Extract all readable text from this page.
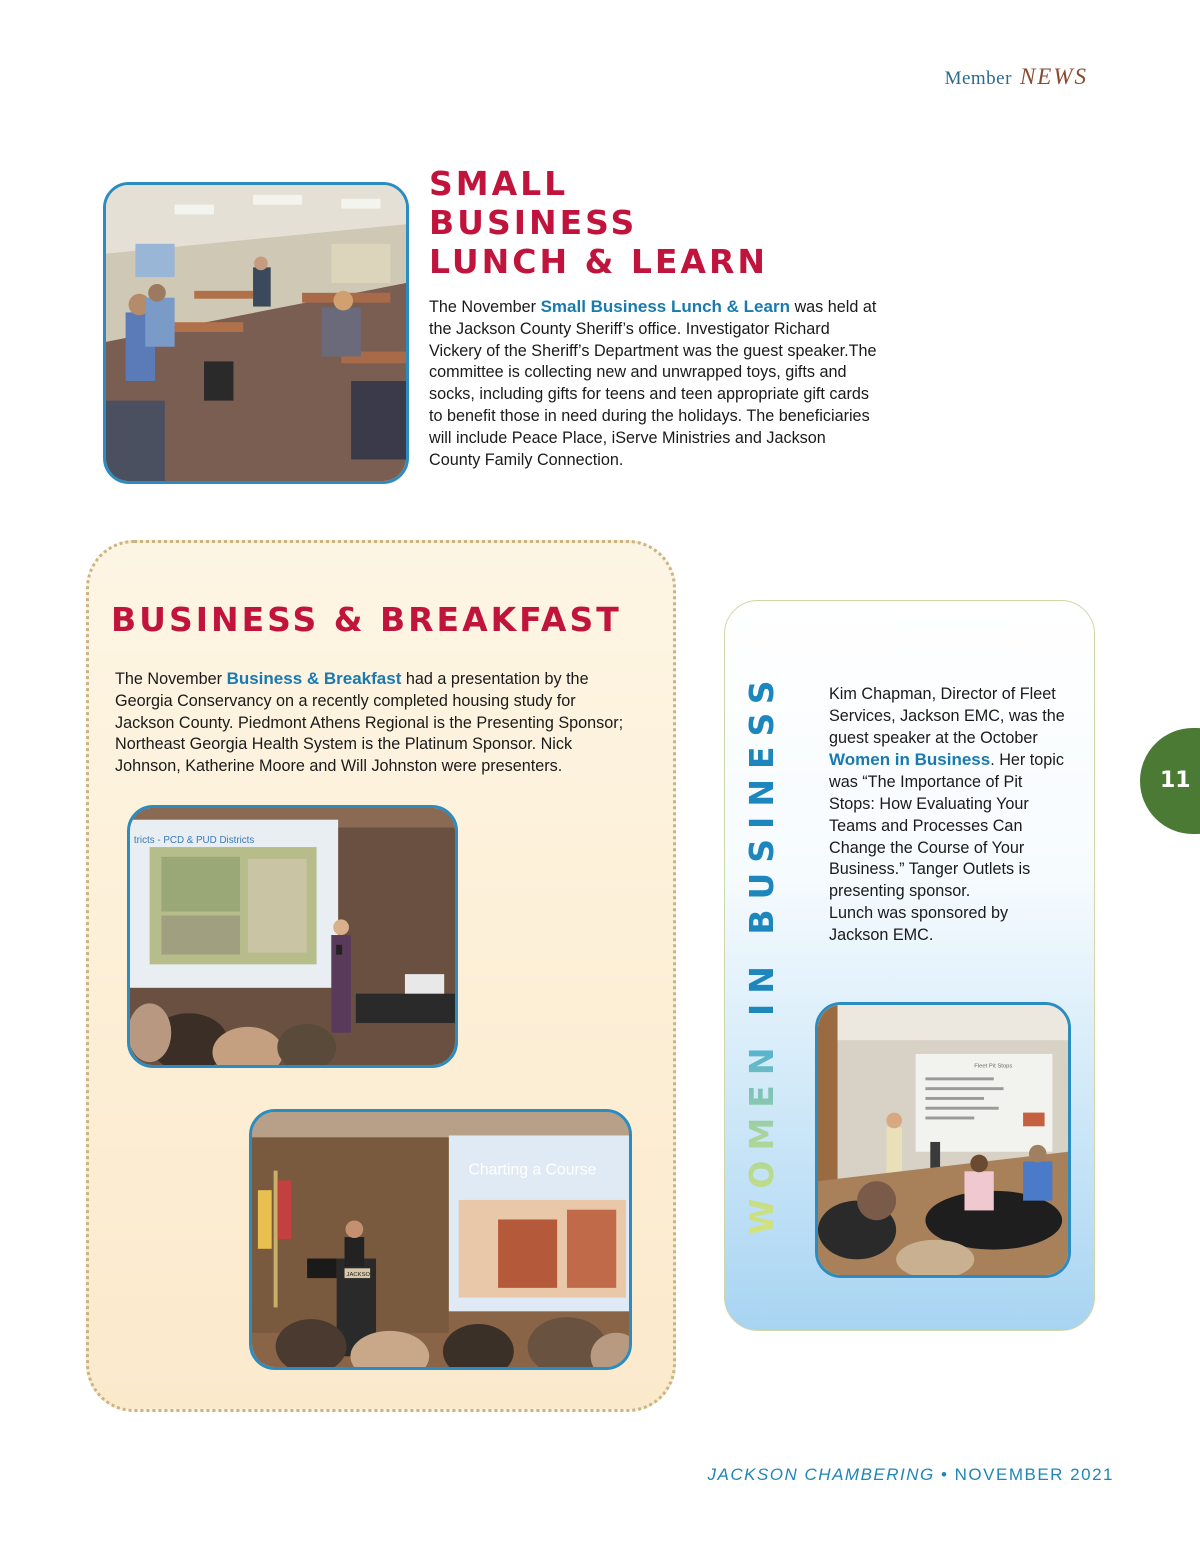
Member NEWS
SMALL
BUSINESS
LUNCH & LEARN
The November Small Business Lunch & Learn was held at the Jackson County Sheriff’s office. Investigator Richard Vickery of the Sheriff’s Department was the guest speaker.The committee is collecting new and unwrapped toys, gifts and socks, including gifts for teens and teen appropriate gift cards to benefit those in need during the holidays. The beneficiaries will include Peace Place, iServe Ministries and Jackson County Family Connection.
BUSINESS & BREAKFAST
The November Business & Breakfast had a presentation by the Georgia Conservancy on a recently completed housing study for Jackson County. Piedmont Athens Regional is the Presenting Sponsor; Northeast Georgia Health System is the Platinum Sponsor. Nick Johnson, Katherine Moore and Will Johnston were presenters.
tricts - PCD & PUD Districts
Charting a Course
JACKSON
WOMEN IN BUSINESS	Kim Chapman, Director of Fleet Services, Jackson EMC, was the guest speaker at the October Women in Business. Her topic was “The Importance of Pit Stops: How Evaluating Your Teams and Processes Can Change the Course of Your Business.” Tanger Outlets is presenting sponsor.
Lunch was sponsored by Jackson EMC.
Fleet Pit Stops
11
JACKSON CHAMBERING • NOVEMBER 2021
